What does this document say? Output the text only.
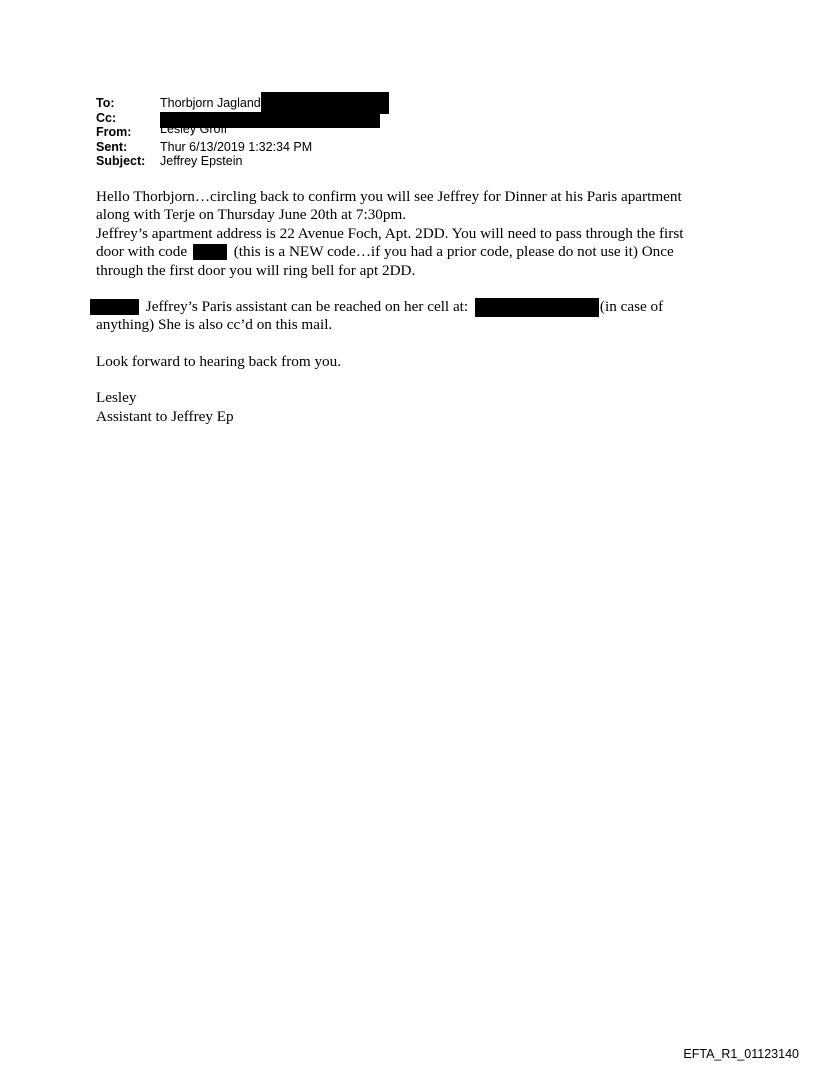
To:	Thorbjorn Jagland
Cc:
From:	Lesley Groff
Sent:	Thur 6/13/2019 1:32:34 PM
Subject:	Jeffrey Epstein
Hello Thorbjorn…circling back to confirm you will see Jeffrey for Dinner at his Paris apartment
along with Terje on Thursday June 20th at 7:30pm.
Jeffrey’s apartment address is 22 Avenue Foch, Apt. 2DD. You will need to pass through the first
door with code	(this is a NEW code…if you had a prior code, please do not use it) Once
through the first door you will ring bell for apt 2DD.
Jeffrey’s Paris assistant can be reached on her cell at:	(in case of
anything) She is also cc’d on this mail.
Look forward to hearing back from you.
Lesley
Assistant to Jeffrey Ep
EFTA_R1_01123140
